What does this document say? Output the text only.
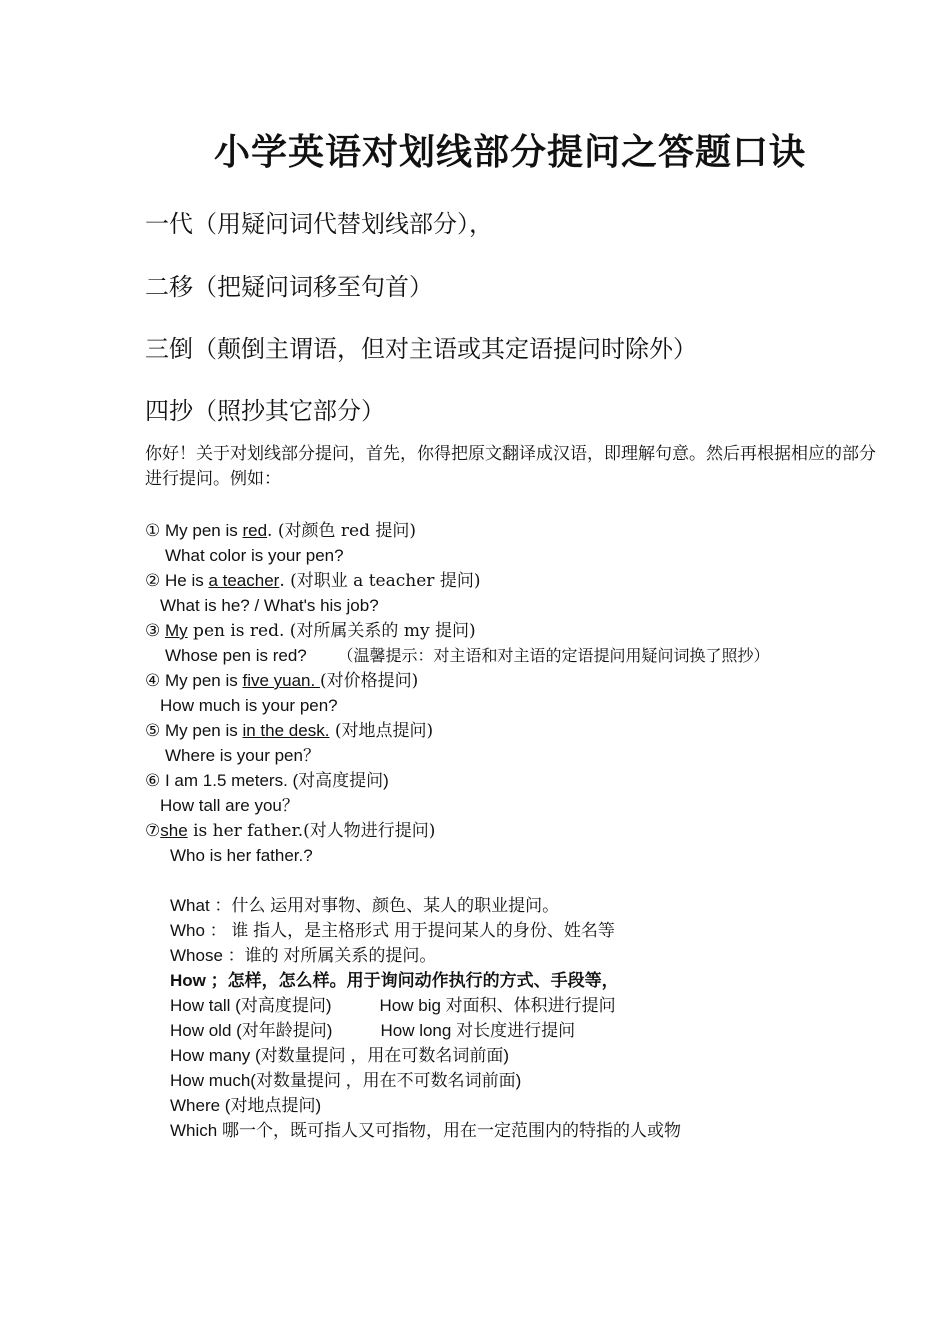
小学英语对划线部分提问之答题口诀
一代（用疑问词代替划线部分），
二移（把疑问词移至句首）
三倒（颠倒主谓语，但对主语或其定语提问时除外）
四抄（照抄其它部分）
你好！关于对划线部分提问，首先，你得把原文翻译成汉语，即理解句意。然后再根据相应的部分进行提问。例如：
① My pen is red. (对颜色 red 提问)
What color is your pen?
② He is a teacher. (对职业 a teacher 提问)
What is he? / What's his job?
③ My pen is red. (对所属关系的 my 提问)
Whose pen is red? （温馨提示：对主语和对主语的定语提问用疑问词换了照抄）
④ My pen is five yuan. (对价格提问)
How much is your pen?
⑤ My pen is in the desk. (对地点提问)
Where is your pen？
⑥ I am 1.5 meters. (对高度提问)
How tall are you？
⑦she is her father.(对人物进行提问)
Who is her father.?
What ：什么 运用对事物、颜色、某人的职业提问。
Who ： 谁 指人，是主格形式 用于提问某人的身份、姓名等
Whose ：谁的 对所属关系的提问。
How ；怎样，怎么样。用于询问动作执行的方式、手段等，
How tall (对高度提问)	How big 对面积、体积进行提问
How old (对年龄提问)	How long 对长度进行提问
How many (对数量提问 ，用在可数名词前面)
How much(对数量提问 ，用在不可数名词前面)
Where (对地点提问)
Which 哪一个，既可指人又可指物，用在一定范围内的特指的人或物
